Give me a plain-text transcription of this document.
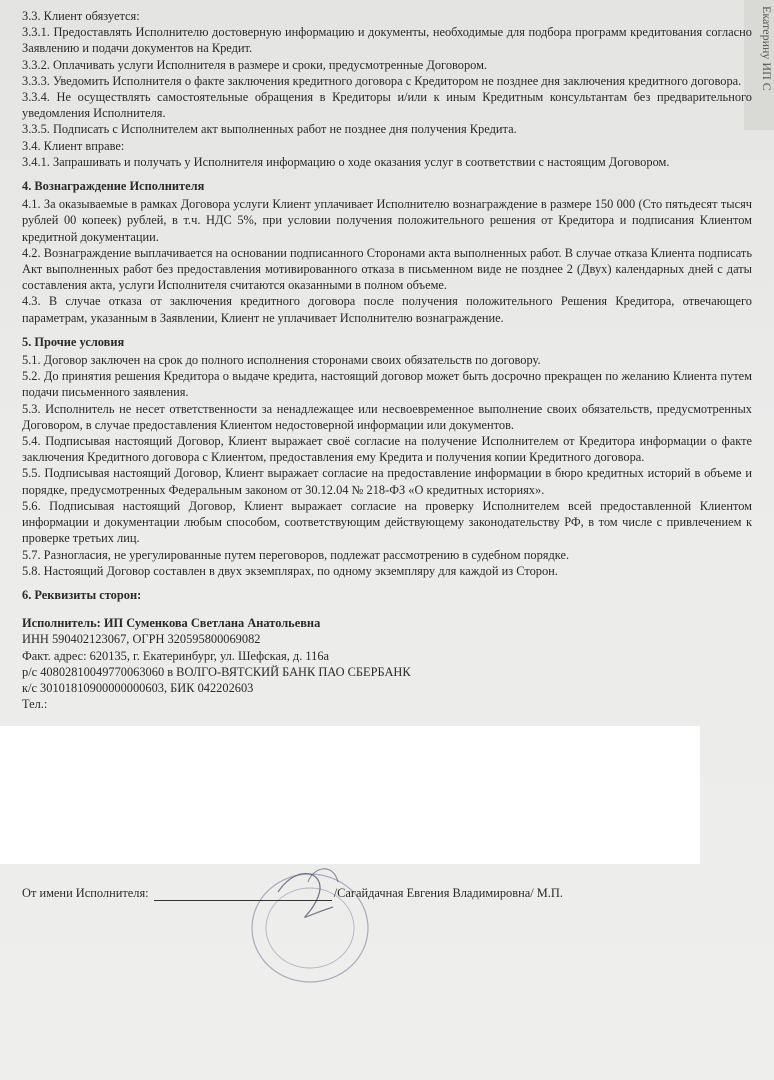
Екатерину ИП С

3.3. Клиент обязуется:

3.3.1. Предоставлять Исполнителю достоверную информацию и документы, необходимые для подбора программ кредитования согласно Заявлению и подачи документов на Кредит.

3.3.2. Оплачивать услуги Исполнителя в размере и сроки, предусмотренные Договором.

3.3.3. Уведомить Исполнителя о факте заключения кредитного договора с Кредитором не позднее дня заключения кредитного договора.

3.3.4. Не осуществлять самостоятельные обращения в Кредиторы и/или к иным Кредитным консультантам без предварительного уведомления Исполнителя.

3.3.5. Подписать с Исполнителем акт выполненных работ не позднее дня получения Кредита.

3.4. Клиент вправе:

3.4.1. Запрашивать и получать у Исполнителя информацию о ходе оказания услуг в соответствии с настоящим Договором.

4. Вознаграждение Исполнителя

4.1. За оказываемые в рамках Договора услуги Клиент уплачивает Исполнителю вознаграждение в размере 150 000 (Сто пятьдесят тысяч рублей 00 копеек) рублей, в т.ч. НДС 5%, при условии получения положительного решения от Кредитора и подписания Клиентом кредитной документации.

4.2. Вознаграждение выплачивается на основании подписанного Сторонами акта выполненных работ. В случае отказа Клиента подписать Акт выполненных работ без предоставления мотивированного отказа в письменном виде не позднее 2 (Двух) календарных дней с даты составления акта, услуги Исполнителя считаются оказанными в полном объеме.

4.3. В случае отказа от заключения кредитного договора после получения положительного Решения Кредитора, отвечающего параметрам, указанным в Заявлении, Клиент не уплачивает Исполнителю вознаграждение.

5. Прочие условия

5.1. Договор заключен на срок до полного исполнения сторонами своих обязательств по договору.

5.2. До принятия решения Кредитора о выдаче кредита, настоящий договор может быть досрочно прекращен по желанию Клиента путем подачи письменного заявления.

5.3. Исполнитель не несет ответственности за ненадлежащее или несвоевременное выполнение своих обязательств, предусмотренных Договором, в случае предоставления Клиентом недостоверной информации или документов.

5.4. Подписывая настоящий Договор, Клиент выражает своё согласие на получение Исполнителем от Кредитора информации о факте заключения Кредитного договора с Клиентом, предоставления ему Кредита и получения копии Кредитного договора.

5.5. Подписывая настоящий Договор, Клиент выражает согласие на предоставление информации в бюро кредитных историй в объеме и порядке, предусмотренных Федеральным законом от 30.12.04 № 218-ФЗ «О кредитных историях».

5.6. Подписывая настоящий Договор, Клиент выражает согласие на проверку Исполнителем всей предоставленной Клиентом информации и документации любым способом, соответствующим действующему законодательству РФ, в том числе с привлечением к проверке третьих лиц.

5.7. Разногласия, не урегулированные путем переговоров, подлежат рассмотрению в судебном порядке.

5.8. Настоящий Договор составлен в двух экземплярах, по одному экземпляру для каждой из Сторон.

6. Реквизиты сторон:

Исполнитель: ИП Суменкова Светлана Анатольевна

ИНН 590402123067, ОГРН 320595800069082

Факт. адрес: 620135, г. Екатеринбург, ул. Шефская, д. 116а

р/с 40802810049770063060 в ВОЛГО-ВЯТСКИЙ БАНК ПАО СБЕРБАНК

к/с 30101810900000000603, БИК 042202603

Тел.:

От имени Исполнителя:	/Сагайдачная Евгения Владимировна/ М.П.
